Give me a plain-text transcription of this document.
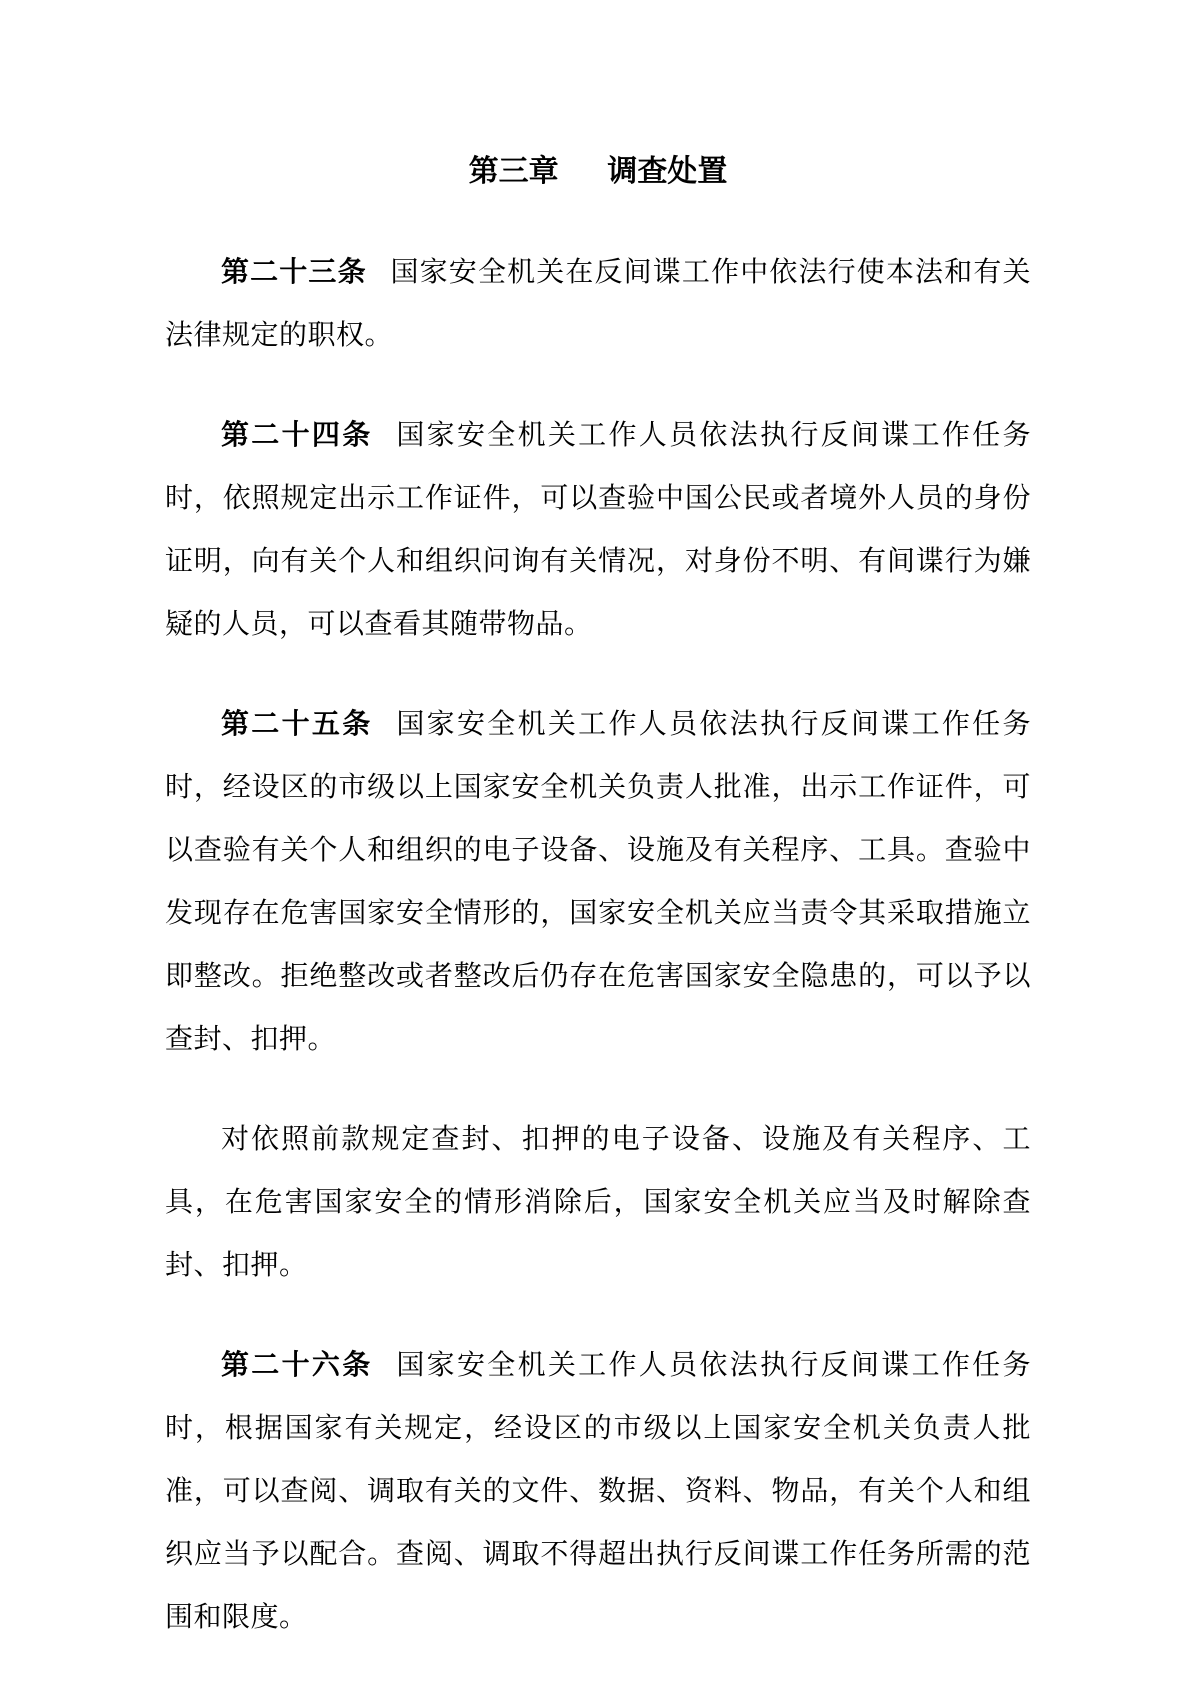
第三章 调查处置

第二十三条 国家安全机关在反间谍工作中依法行使本法和有关法律规定的职权。

第二十四条 国家安全机关工作人员依法执行反间谍工作任务时，依照规定出示工作证件，可以查验中国公民或者境外人员的身份证明，向有关个人和组织问询有关情况，对身份不明、有间谍行为嫌疑的人员，可以查看其随带物品。

第二十五条 国家安全机关工作人员依法执行反间谍工作任务时，经设区的市级以上国家安全机关负责人批准，出示工作证件，可以查验有关个人和组织的电子设备、设施及有关程序、工具。查验中发现存在危害国家安全情形的，国家安全机关应当责令其采取措施立即整改。拒绝整改或者整改后仍存在危害国家安全隐患的，可以予以查封、扣押。

对依照前款规定查封、扣押的电子设备、设施及有关程序、工具，在危害国家安全的情形消除后，国家安全机关应当及时解除查封、扣押。

第二十六条 国家安全机关工作人员依法执行反间谍工作任务时，根据国家有关规定，经设区的市级以上国家安全机关负责人批准，可以查阅、调取有关的文件、数据、资料、物品，有关个人和组织应当予以配合。查阅、调取不得超出执行反间谍工作任务所需的范围和限度。
